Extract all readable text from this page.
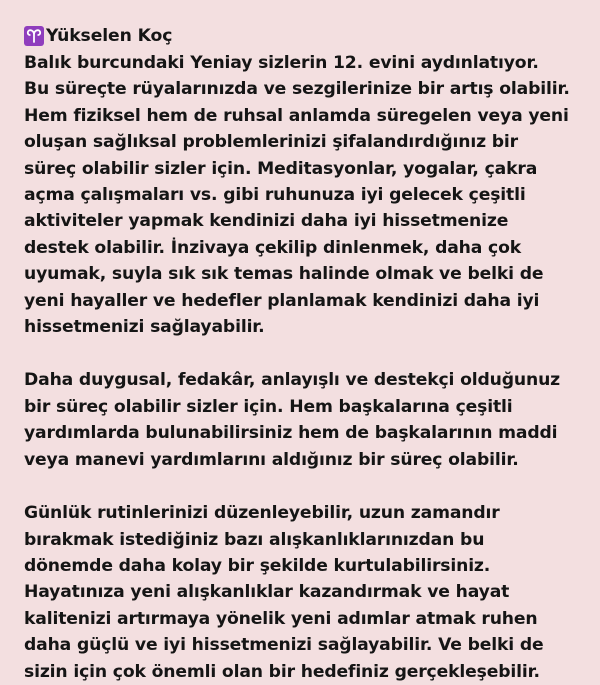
Yükselen Koç

Balık burcundaki Yeniay sizlerin 12. evini aydınlatıyor.
Bu süreçte rüyalarınızda ve sezgilerinize bir artış olabilir.
Hem fiziksel hem de ruhsal anlamda süregelen veya yeni
oluşan sağlıksal problemlerinizi şifalandırdığınız bir
süreç olabilir sizler için. Meditasyonlar, yogalar, çakra
açma çalışmaları vs. gibi ruhunuza iyi gelecek çeşitli
aktiviteler yapmak kendinizi daha iyi hissetmenize
destek olabilir. İnzivaya çekilip dinlenmek, daha çok
uyumak, suyla sık sık temas halinde olmak ve belki de
yeni hayaller ve hedefler planlamak kendinizi daha iyi
hissetmenizi sağlayabilir.

Daha duygusal, fedakâr, anlayışlı ve destekçi olduğunuz
bir süreç olabilir sizler için. Hem başkalarına çeşitli
yardımlarda bulunabilirsiniz hem de başkalarının maddi
veya manevi yardımlarını aldığınız bir süreç olabilir.

Günlük rutinlerinizi düzenleyebilir, uzun zamandır
bırakmak istediğiniz bazı alışkanlıklarınızdan bu
dönemde daha kolay bir şekilde kurtulabilirsiniz.
Hayatınıza yeni alışkanlıklar kazandırmak ve hayat
kalitenizi artırmaya yönelik yeni adımlar atmak ruhen
daha güçlü ve iyi hissetmenizi sağlayabilir. Ve belki de
sizin için çok önemli olan bir hedefiniz gerçekleşebilir.
